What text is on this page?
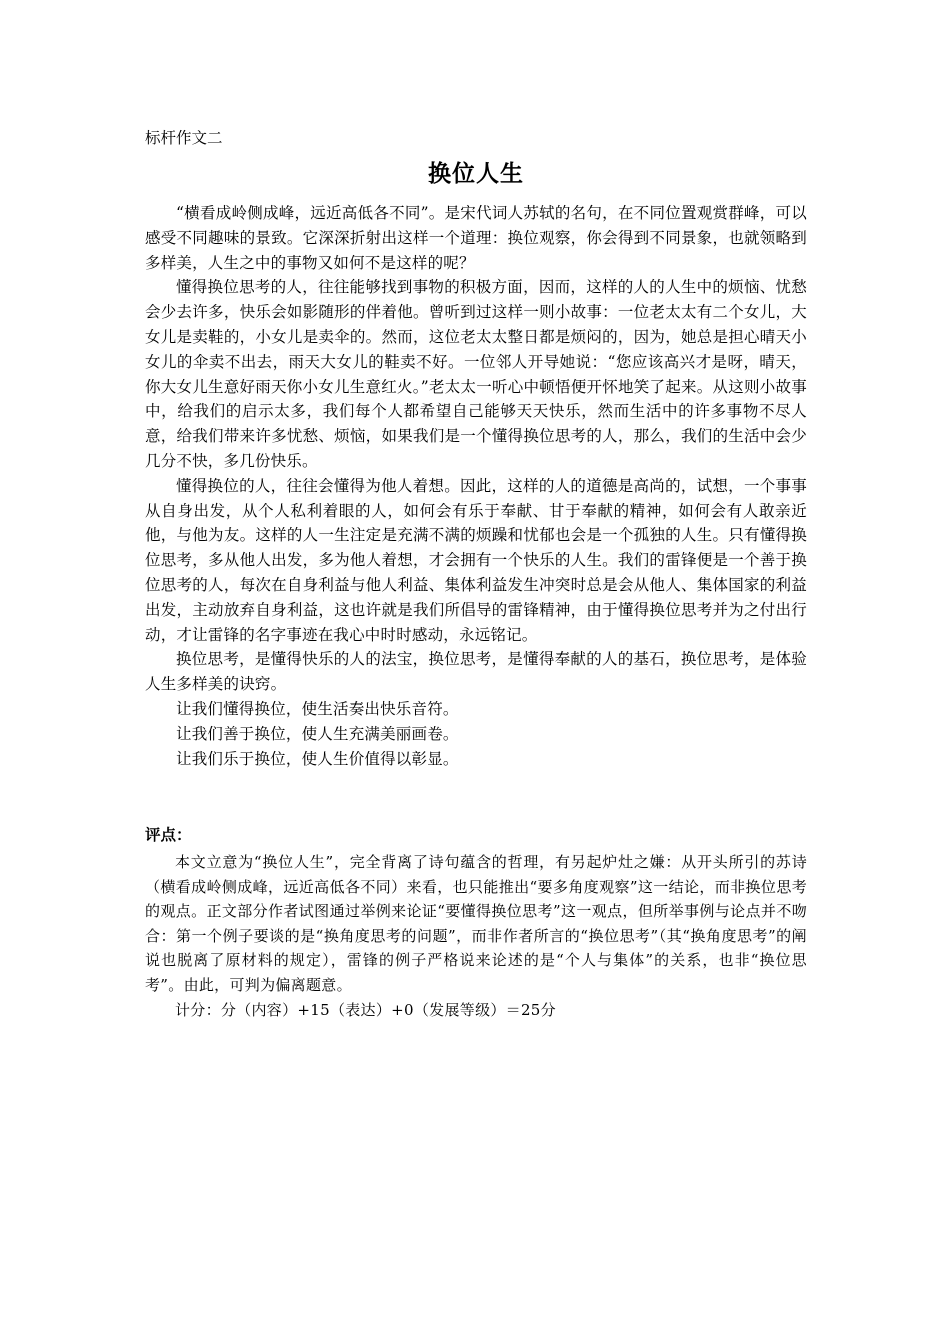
标杆作文二
换位人生

“横看成岭侧成峰，远近高低各不同”。是宋代词人苏轼的名句，在不同位置观赏群峰，可以感受不同趣味的景致。它深深折射出这样一个道理：换位观察，你会得到不同景象，也就领略到多样美，人生之中的事物又如何不是这样的呢？

懂得换位思考的人，往往能够找到事物的积极方面，因而，这样的人的人生中的烦恼、忧愁会少去许多，快乐会如影随形的伴着他。曾听到过这样一则小故事：一位老太太有二个女儿，大女儿是卖鞋的，小女儿是卖伞的。然而，这位老太太整日都是烦闷的，因为，她总是担心晴天小女儿的伞卖不出去，雨天大女儿的鞋卖不好。一位邻人开导她说：“您应该高兴才是呀，晴天，你大女儿生意好雨天你小女儿生意红火。”老太太一听心中顿悟便开怀地笑了起来。从这则小故事中，给我们的启示太多，我们每个人都希望自己能够天天快乐，然而生活中的许多事物不尽人意，给我们带来许多忧愁、烦恼，如果我们是一个懂得换位思考的人，那么，我们的生活中会少几分不快，多几份快乐。

懂得换位的人，往往会懂得为他人着想。因此，这样的人的道德是高尚的，试想，一个事事从自身出发，从个人私利着眼的人，如何会有乐于奉献、甘于奉献的精神，如何会有人敢亲近他，与他为友。这样的人一生注定是充满不满的烦躁和忧郁也会是一个孤独的人生。只有懂得换位思考，多从他人出发，多为他人着想，才会拥有一个快乐的人生。我们的雷锋便是一个善于换位思考的人，每次在自身利益与他人利益、集体利益发生冲突时总是会从他人、集体国家的利益出发，主动放弃自身利益，这也许就是我们所倡导的雷锋精神，由于懂得换位思考并为之付出行动，才让雷锋的名字事迹在我心中时时感动，永远铭记。

换位思考，是懂得快乐的人的法宝，换位思考，是懂得奉献的人的基石，换位思考，是体验人生多样美的诀窍。

让我们懂得换位，使生活奏出快乐音符。

让我们善于换位，使人生充满美丽画卷。

让我们乐于换位，使人生价值得以彰显。

评点：

本文立意为“换位人生”，完全背离了诗句蕴含的哲理，有另起炉灶之嫌：从开头所引的苏诗（横看成岭侧成峰，远近高低各不同）来看，也只能推出“要多角度观察”这一结论，而非换位思考的观点。正文部分作者试图通过举例来论证“要懂得换位思考”这一观点，但所举事例与论点并不吻合：第一个例子要谈的是“换角度思考的问题”，而非作者所言的“换位思考”（其“换角度思考”的阐说也脱离了原材料的规定），雷锋的例子严格说来论述的是“个人与集体”的关系，也非“换位思考”。由此，可判为偏离题意。

计分：分（内容）+15（表达）+0（发展等级）＝25分
